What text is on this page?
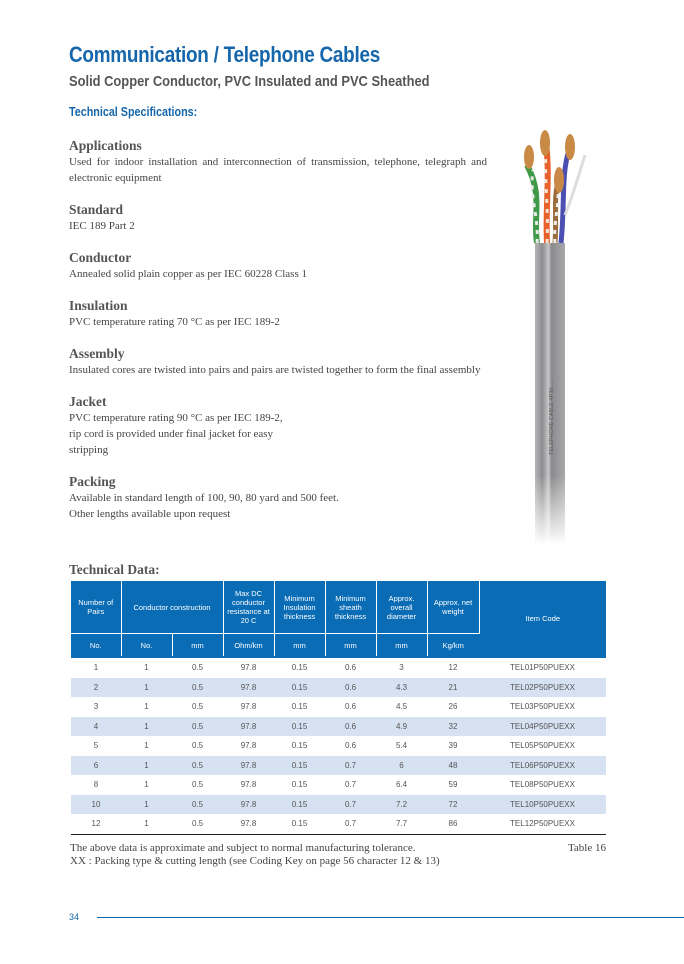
Communication / Telephone Cables
Solid Copper Conductor, PVC Insulated and PVC Sheathed
Technical Specifications:
Applications

Used for indoor installation and interconnection of transmission, telephone, telegraph and electronic equipment

Standard

IEC 189 Part 2

Conductor

Annealed solid plain copper as per IEC 60228 Class 1

Insulation

PVC temperature rating 70 °C as per IEC 189-2

Assembly

Insulated cores are twisted into pairs and pairs are twisted together to form the final assembly

Jacket

PVC temperature rating 90 °C as per IEC 189-2,

rip cord is provided under final jacket for easy

stripping

Packing

Available in standard length of 100, 90, 80 yard and 500 feet.

Other lengths available upon request

TELEPHONE CABLE 4P30 ...
Technical Data:
Number of Pairs	Conductor construction		Max DC conductor resistance at 20 C	Minimum Insulation thickness	Minimum sheath thickness	Approx. overall diameter	Approx. net weight	Item Code
No.	No.	mm	Ohm/km	mm	mm	mm	Kg/km	
1	1	0.5	97.8	0.15	0.6	3	12	TEL01P50PUEXX
2	1	0.5	97.8	0.15	0.6	4.3	21	TEL02P50PUEXX
3	1	0.5	97.8	0.15	0.6	4.5	26	TEL03P50PUEXX
4	1	0.5	97.8	0.15	0.6	4.9	32	TEL04P50PUEXX
5	1	0.5	97.8	0.15	0.6	5.4	39	TEL05P50PUEXX
6	1	0.5	97.8	0.15	0.7	6	48	TEL06P50PUEXX
8	1	0.5	97.8	0.15	0.7	6.4	59	TEL08P50PUEXX
10	1	0.5	97.8	0.15	0.7	7.2	72	TEL10P50PUEXX
12	1	0.5	97.8	0.15	0.7	7.7	86	TEL12P50PUEXX
The above data is approximate and subject to normal manufacturing tolerance.
XX : Packing type & cutting length (see Coding Key on page 56 character 12 & 13)
Table 16
34
